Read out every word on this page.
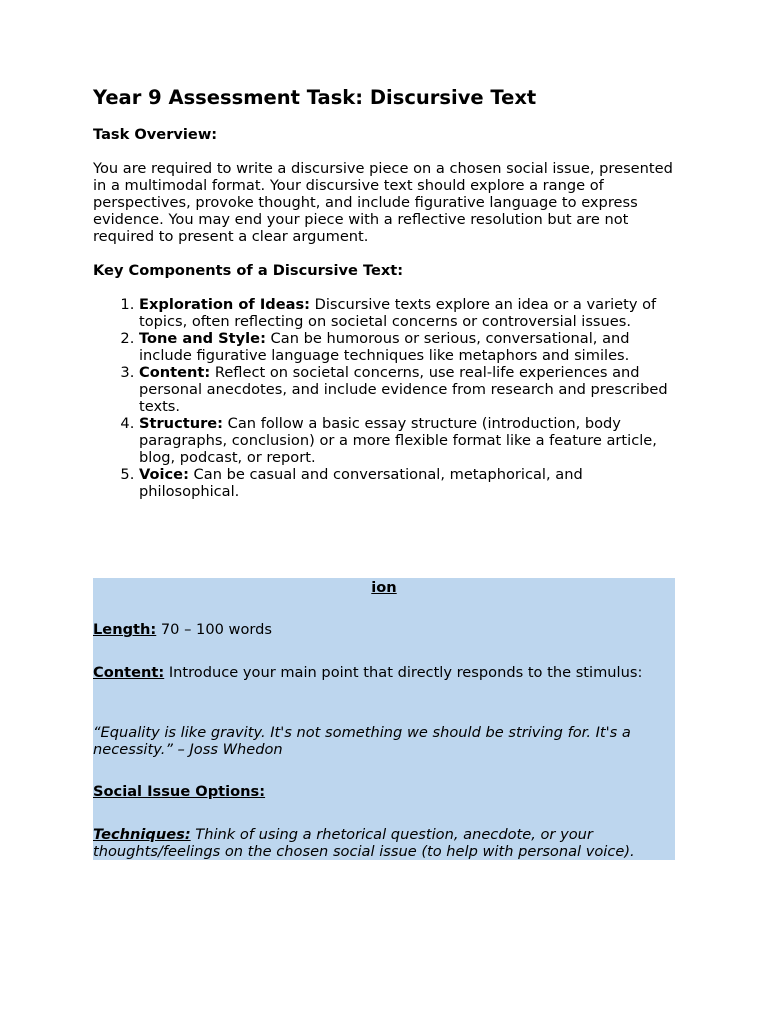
Year 9 Assessment Task: Discursive Text
Task Overview:

You are required to write a discursive piece on a chosen social issue, presented in a multimodal format. Your discursive text should explore a range of perspectives, provoke thought, and include figurative language to express evidence. You may end your piece with a reflective resolution but are not required to present a clear argument.

Key Components of a Discursive Text:
1. Exploration of Ideas: Discursive texts explore an idea or a variety of topics, often reflecting on societal concerns or controversial issues.
2. Tone and Style: Can be humorous or serious, conversational, and include figurative language techniques like metaphors and similes.
3. Content: Reflect on societal concerns, use real-life experiences and personal anecdotes, and include evidence from research and prescribed texts.
4. Structure: Can follow a basic essay structure (introduction, body paragraphs, conclusion) or a more flexible format like a feature article, blog, podcast, or report.
5. Voice: Can be casual and conversational, metaphorical, and philosophical.
ion
Length: 70 – 100 words
Content: Introduce your main point that directly responds to the stimulus:
“Equality is like gravity. It's not something we should be striving for. It's a necessity.” – Joss Whedon
Social Issue Options:
Techniques: Think of using a rhetorical question, anecdote, or your thoughts/feelings on the chosen social issue (to help with personal voice).
